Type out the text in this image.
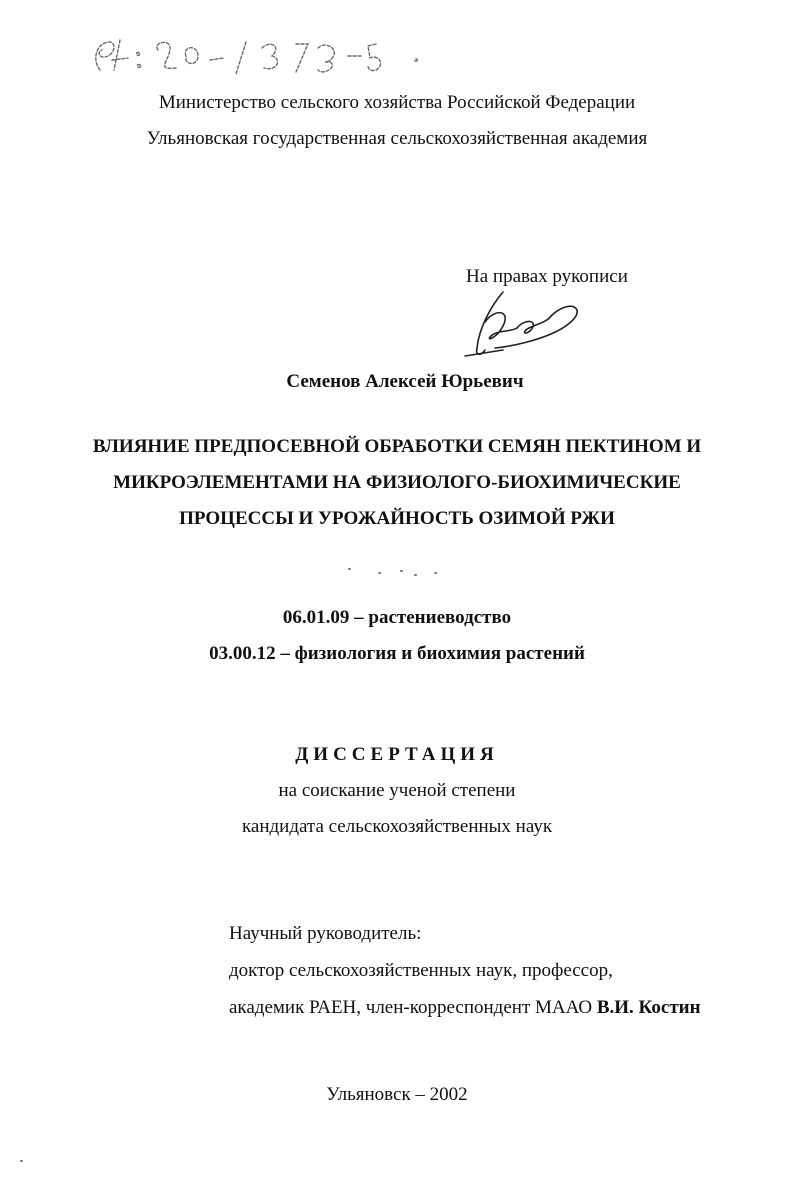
Министерство сельского хозяйства Российской Федерации
Ульяновская государственная сельскохозяйственная академия
На правах рукописи
Семенов Алексей Юрьевич
ВЛИЯНИЕ ПРЕДПОСЕВНОЙ ОБРАБОТКИ СЕМЯН ПЕКТИНОМ И
МИКРОЭЛЕМЕНТАМИ НА ФИЗИОЛОГО-БИОХИМИЧЕСКИЕ
ПРОЦЕССЫ И УРОЖАЙНОСТЬ ОЗИМОЙ РЖИ
06.01.09 – растениеводство
03.00.12 – физиология и биохимия растений
ДИССЕРТАЦИЯ
на соискание ученой степени
кандидата сельскохозяйственных наук
Научный руководитель:
доктор сельскохозяйственных наук, профессор,
академик РАЕН, член-корреспондент МААО В.И. Костин
Ульяновск – 2002
